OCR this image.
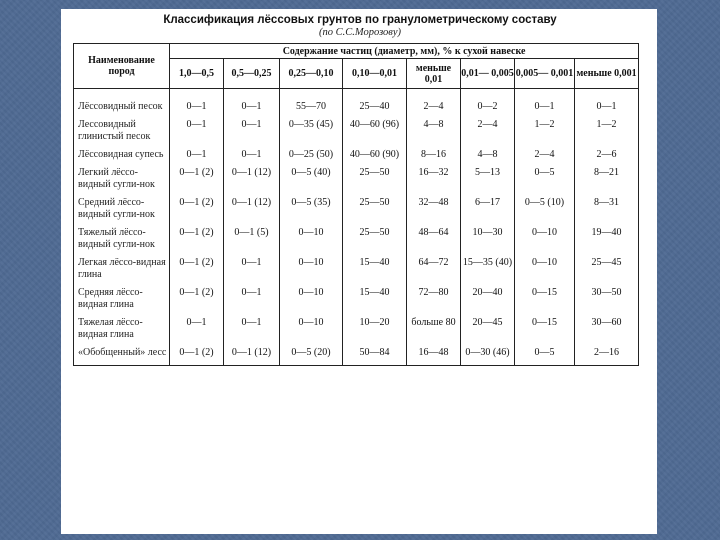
Классификация лёссовых грунтов по гранулометрическому составу
(по С.С.Морозову)
Наименование пород	Содержание частиц (диаметр, мм), % к сухой навеске							
	1,0—0,5	0,5—0,25	0,25—0,10	0,10—0,01	меньше 0,01	0,01— 0,005	0,005— 0,001	меньше 0,001
Лёссовидный песок	0—1	0—1	55—70	25—40	2—4	0—2	0—1	0—1
Лессовидный глинистый песок	0—1	0—1	0—35 (45)	40—60 (96)	4—8	2—4	1—2	1—2
Лёссовидная супесь	0—1	0—1	0—25 (50)	40—60 (90)	8—16	4—8	2—4	2—6
Легкий лёссо-видный сугли-нок	0—1 (2)	0—1 (12)	0—5 (40)	25—50	16—32	5—13	0—5	8—21
Средний лёссо-видный сугли-нок	0—1 (2)	0—1 (12)	0—5 (35)	25—50	32—48	6—17	0—5 (10)	8—31
Тяжелый лёссо-видный сугли-нок	0—1 (2)	0—1 (5)	0—10	25—50	48—64	10—30	0—10	19—40
Легкая лёссо-видная глина	0—1 (2)	0—1	0—10	15—40	64—72	15—35 (40)	0—10	25—45
Средняя лёссо-видная глина	0—1 (2)	0—1	0—10	15—40	72—80	20—40	0—15	30—50
Тяжелая лёссо-видная глина	0—1	0—1	0—10	10—20	больше 80	20—45	0—15	30—60
«Обобщенный» лесс	0—1 (2)	0—1 (12)	0—5 (20)	50—84	16—48	0—30 (46)	0—5	2—16
